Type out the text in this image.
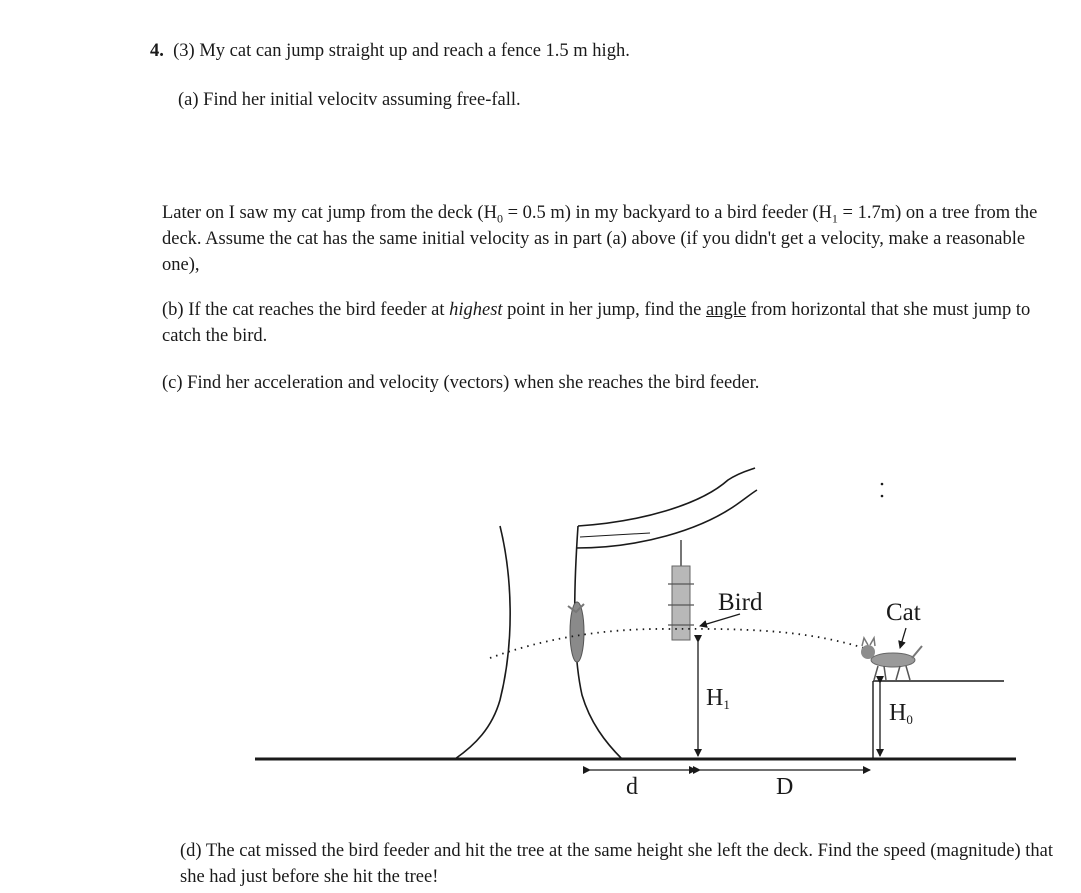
4. (3) My cat can jump straight up and reach a fence 1.5 m high.

(a) Find her initial velocitv assuming free-fall.

Later on I saw my cat jump from the deck ($H_0 = 0.5$ m) in my backyard to a bird feeder $(H_1 = 1.7m)$ on a tree from the deck. Assume the cat has the same initial velocity as in part (a) above (if you didn't get a velocity, make a reasonable one),

(b) If the cat reaches the bird feeder at highest point in her jump, find the angle from horizontal that she must jump to catch the bird.

(c) Find her acceleration and velocity (vectors) when she reaches the bird feeder.

Bird	Cat
H1	H0
d	D

(d) The cat missed the bird feeder and hit the tree at the same height she left the deck. Find the speed (magnitude) that she had just before she hit the tree!
